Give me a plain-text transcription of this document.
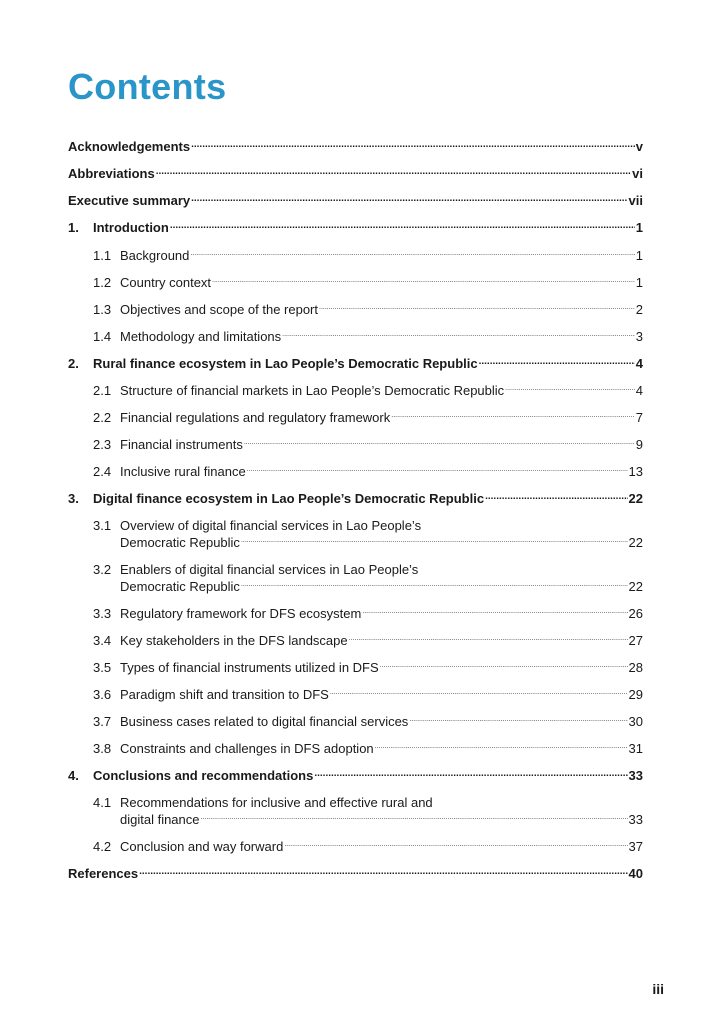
Contents
Acknowledgements .....	v
Abbreviations .....	vi
Executive summary .....	vii
1.	Introduction .....	1
1.1 Background .....	1
1.2 Country context .....	1
1.3 Objectives and scope of the report .....	2
1.4 Methodology and limitations .....	3
2.	Rural finance ecosystem in Lao People’s Democratic Republic .....	4
2.1 Structure of financial markets in Lao People’s Democratic Republic .....	4
2.2 Financial regulations and regulatory framework .....	7
2.3 Financial instruments .....	9
2.4 Inclusive rural finance .....	13
3.	Digital finance ecosystem in Lao People’s Democratic Republic .....	22
3.1 Overview of digital financial services in Lao People’s
Democratic Republic .....	22
3.2 Enablers of digital financial services in Lao People’s
Democratic Republic .....	22
3.3 Regulatory framework for DFS ecosystem .....	26
3.4 Key stakeholders in the DFS landscape .....	27
3.5 Types of financial instruments utilized in DFS .....	28
3.6 Paradigm shift and transition to DFS .....	29
3.7 Business cases related to digital financial services .....	30
3.8 Constraints and challenges in DFS adoption .....	31
4.	Conclusions and recommendations .....	33
4.1 Recommendations for inclusive and effective rural and
digital finance .....	33
4.2 Conclusion and way forward .....	37
References .....	40
iii
